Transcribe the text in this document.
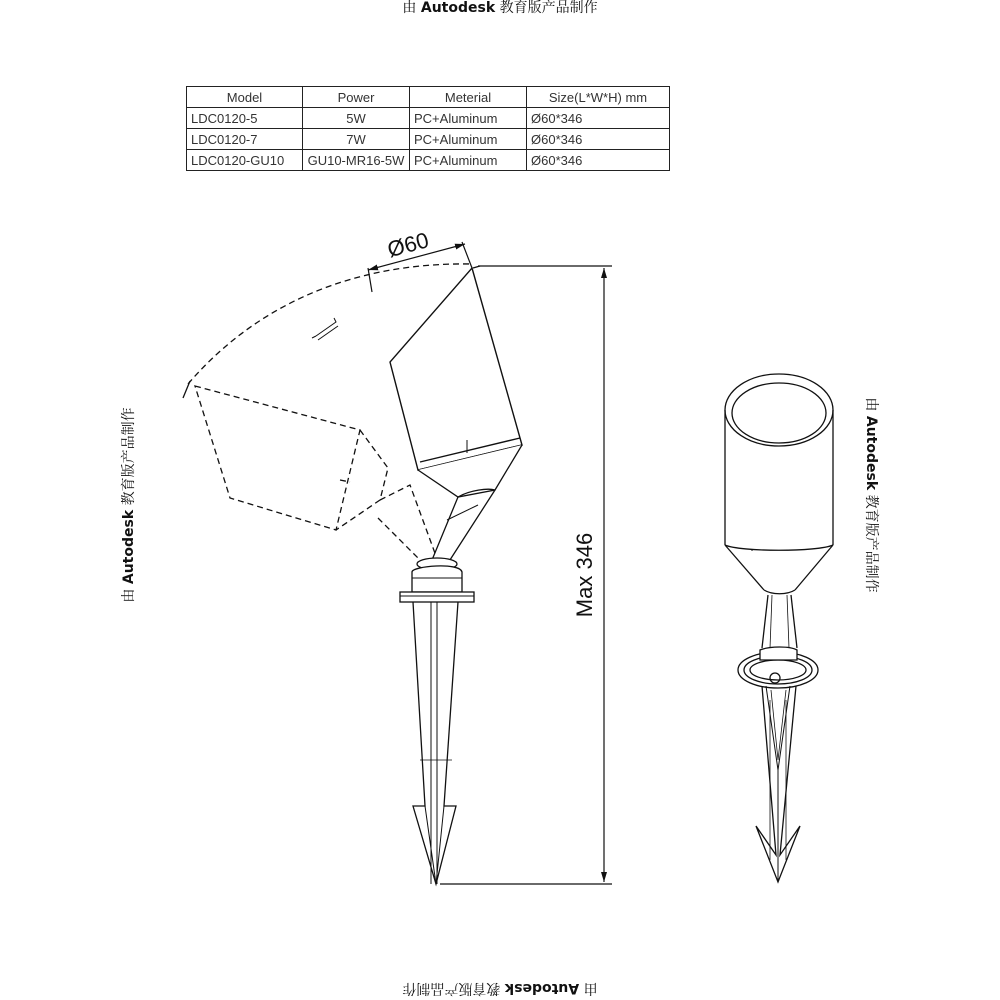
由 Autodesk 教育版产品制作
由 Autodesk 教育版产品制作
由 Autodesk 教育版产品制作
由 Autodesk 教育版产品制作
Model	Power	Meterial	Size(L*W*H) mm
LDC0120-5	5W	PC+Aluminum	Ø60*346
LDC0120-7	7W	PC+Aluminum	Ø60*346
LDC0120-GU10	GU10-MR16-5W	PC+Aluminum	Ø60*346
Ø60
Max 346
